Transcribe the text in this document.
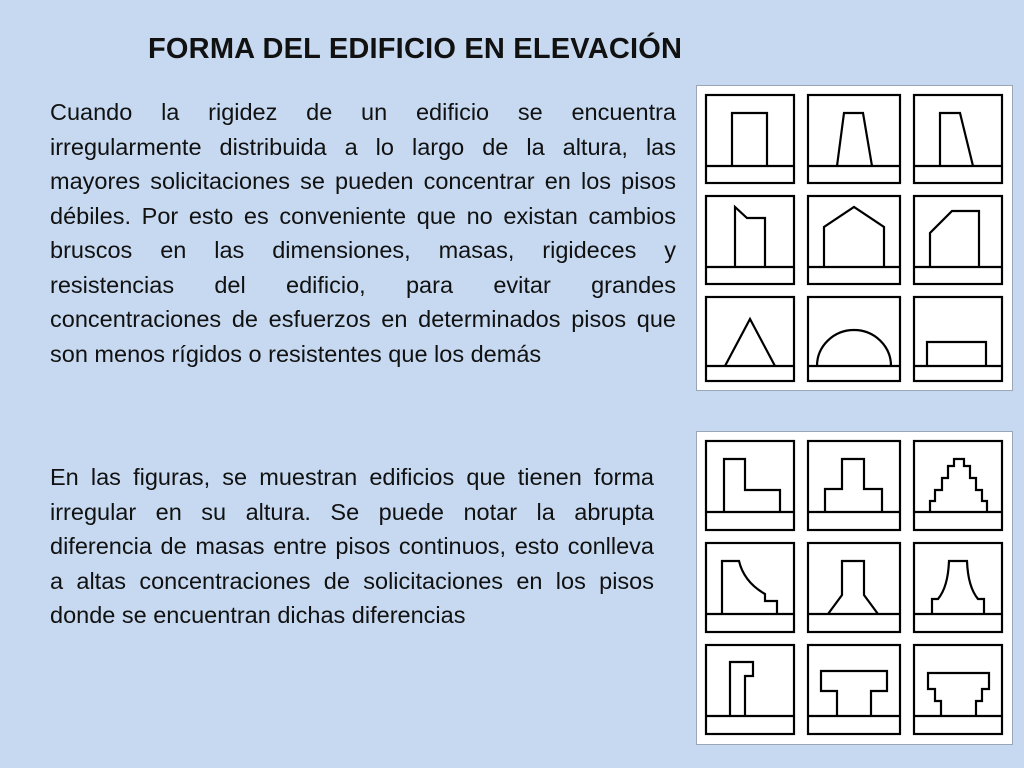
FORMA DEL EDIFICIO EN ELEVACIÓN
Cuando la rigidez de un edificio se encuentra irregularmente distribuida a lo largo de la altura, las mayores solicitaciones se pueden concentrar en los pisos débiles. Por esto es conveniente que no existan cambios bruscos en las dimensiones, masas, rigideces y resistencias del edificio, para evitar grandes concentraciones de esfuerzos en determinados pisos que son menos rígidos o resistentes que los demás
En las figuras, se muestran edificios que tienen forma irregular en su altura. Se puede notar la abrupta diferencia de masas entre pisos continuos, esto conlleva a altas concentraciones de solicitaciones en los pisos donde se encuentran dichas diferencias
